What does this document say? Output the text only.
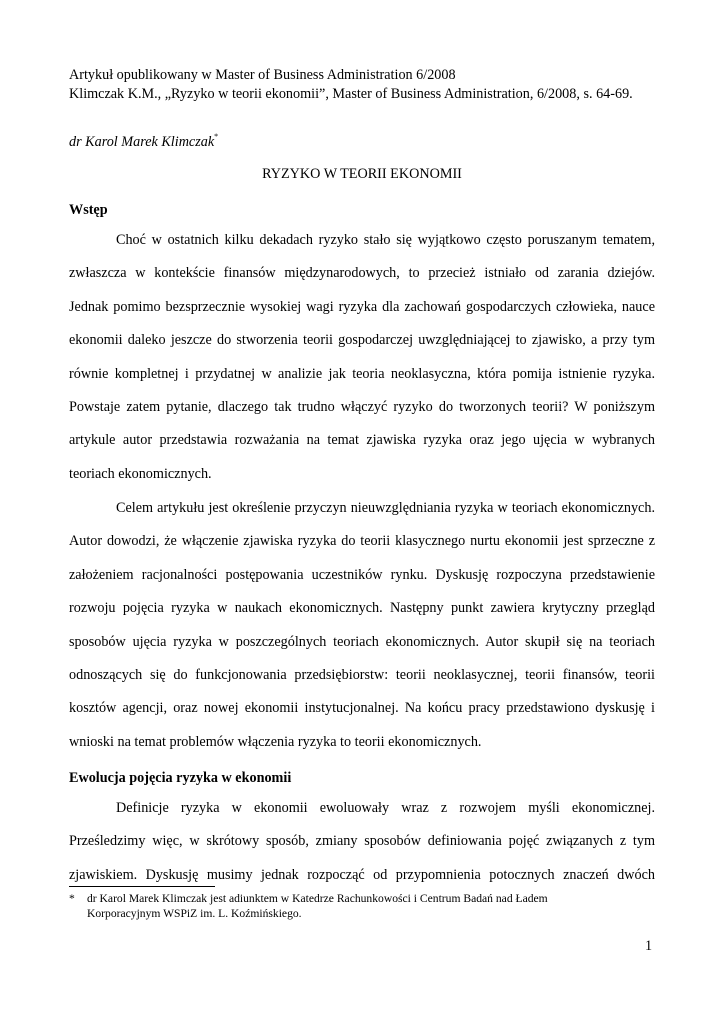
Artykuł opublikowany w Master of Business Administration 6/2008
Klimczak K.M., „Ryzyko w teorii ekonomii”, Master of Business Administration, 6/2008, s. 64-69.
dr Karol Marek Klimczak*
RYZYKO W TEORII EKONOMII
Wstęp
Choć w ostatnich kilku dekadach ryzyko stało się wyjątkowo często poruszanym tematem,
zwłaszcza w kontekście finansów międzynarodowych, to przecież istniało od zarania dziejów.
Jednak pomimo bezsprzecznie wysokiej wagi ryzyka dla zachowań gospodarczych człowieka, nauce
ekonomii daleko jeszcze do stworzenia teorii gospodarczej uwzględniającej to zjawisko, a przy tym
równie kompletnej i przydatnej w analizie jak teoria neoklasyczna, która pomija istnienie ryzyka.
Powstaje zatem pytanie, dlaczego tak trudno włączyć ryzyko do tworzonych teorii? W poniższym
artykule autor przedstawia rozważania na temat zjawiska ryzyka oraz jego ujęcia w wybranych
teoriach ekonomicznych.
Celem artykułu jest określenie przyczyn nieuwzględniania ryzyka w teoriach ekonomicznych.
Autor dowodzi, że włączenie zjawiska ryzyka do teorii klasycznego nurtu ekonomii jest sprzeczne z
założeniem racjonalności postępowania uczestników rynku. Dyskusję rozpoczyna przedstawienie
rozwoju pojęcia ryzyka w naukach ekonomicznych. Następny punkt zawiera krytyczny przegląd
sposobów ujęcia ryzyka w poszczególnych teoriach ekonomicznych. Autor skupił się na teoriach
odnoszących się do funkcjonowania przedsiębiorstw: teorii neoklasycznej, teorii finansów, teorii
kosztów agencji, oraz nowej ekonomii instytucjonalnej. Na końcu pracy przedstawiono dyskusję i
wnioski na temat problemów włączenia ryzyka to teorii ekonomicznych.
Ewolucja pojęcia ryzyka w ekonomii
Definicje ryzyka w ekonomii ewoluowały wraz z rozwojem myśli ekonomicznej.
Prześledzimy więc, w skrótowy sposób, zmiany sposobów definiowania pojęć związanych z tym
zjawiskiem. Dyskusję musimy jednak rozpocząć od przypomnienia potocznych znaczeń dwóch
* dr Karol Marek Klimczak jest adiunktem w Katedrze Rachunkowości i Centrum Badań nad Ładem
Korporacyjnym WSPiZ im. L. Koźmińskiego.
1
